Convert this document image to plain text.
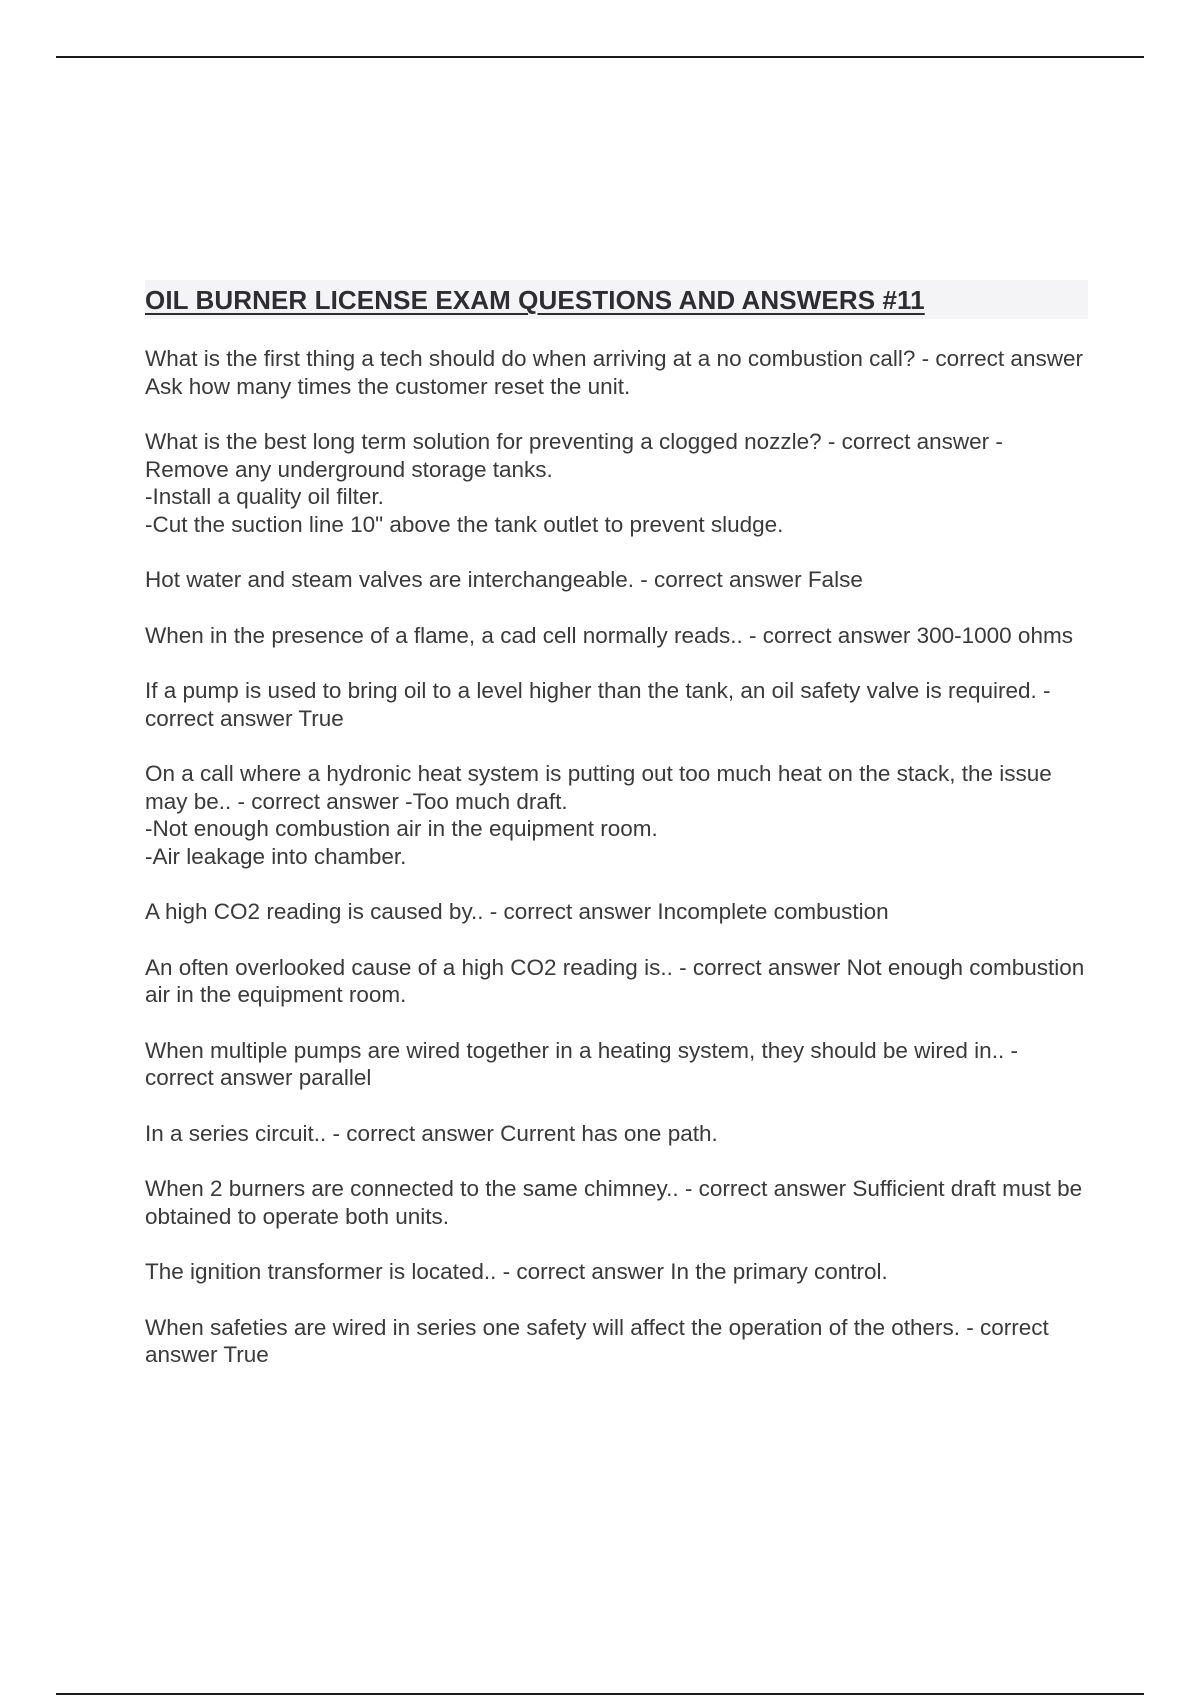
OIL BURNER LICENSE EXAM QUESTIONS AND ANSWERS #11

What is the first thing a tech should do when arriving at a no combustion call? - correct answer Ask how many times the customer reset the unit.

What is the best long term solution for preventing a clogged nozzle? - correct answer -
Remove any underground storage tanks.
-Install a quality oil filter.
-Cut the suction line 10" above the tank outlet to prevent sludge.

Hot water and steam valves are interchangeable. - correct answer False

When in the presence of a flame, a cad cell normally reads.. - correct answer 300-1000 ohms

If a pump is used to bring oil to a level higher than the tank, an oil safety valve is required. - correct answer True

On a call where a hydronic heat system is putting out too much heat on the stack, the issue may be.. - correct answer -Too much draft.
-Not enough combustion air in the equipment room.
-Air leakage into chamber.

A high CO2 reading is caused by.. - correct answer Incomplete combustion

An often overlooked cause of a high CO2 reading is.. - correct answer Not enough combustion air in the equipment room.

When multiple pumps are wired together in a heating system, they should be wired in.. - correct answer parallel

In a series circuit.. - correct answer Current has one path.

When 2 burners are connected to the same chimney.. - correct answer Sufficient draft must be obtained to operate both units.

The ignition transformer is located.. - correct answer In the primary control.

When safeties are wired in series one safety will affect the operation of the others. - correct answer True
